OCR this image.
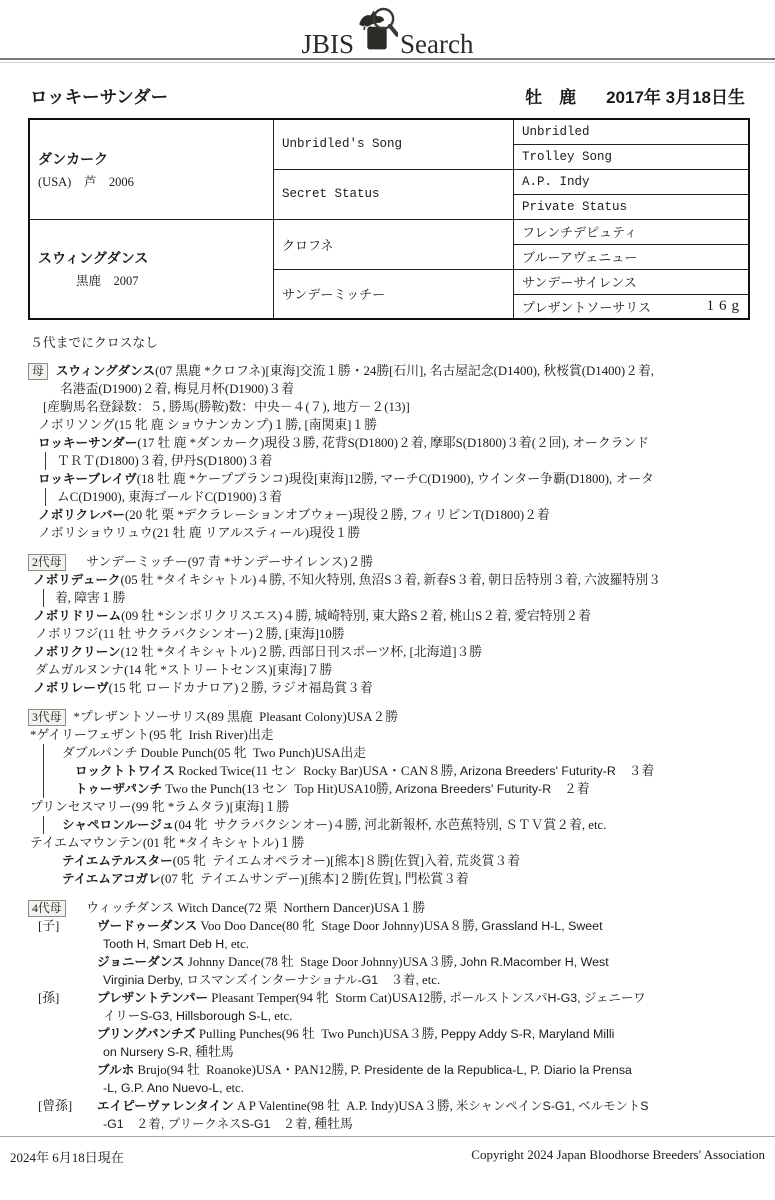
JBIS Search
ロッキーサンダー	牡　鹿 2017年 3月18日生
ダンカーク
(USA)　芦　2006	Unbridled's Song	Unbridled

		Trolley Song

	Secret Status	A.P. Indy

		Private Status

スウィングダンス
黒鹿　2007	クロフネ	フレンチデピュティ

		ブルーアヴェニュー

	サンデーミッチー	サンデーサイレンス

		プレザントソーサリス 16g
５代までにクロスなし
母 スウィングダンス(07 黒鹿 *クロフネ)[東海]交流１勝・24勝[石川], 名古屋記念(D1400), 秋桜賞(D1400)２着,
名港盃(D1900)２着, 梅見月杯(D1900)３着
[産駒馬名登録数：５, 勝馬(勝鞍)数：中央－４(７), 地方－２(13)]
ノボリソング(15 牝 鹿 ショウナンカンプ)１勝, [南関東]１勝
ロッキーサンダー(17 牡 鹿 *ダンカーク)現役３勝, 花背S(D1800)２着, 摩耶S(D1800)３着(２回), オークランド
ＴＲＴ(D1800)３着, 伊丹S(D1800)３着
ロッキーブレイヴ(18 牡 鹿 *ケープブランコ)現役[東海]12勝, マーチC(D1900), ウインター争覇(D1800), オータ
ムC(D1900), 東海ゴールドC(D1900)３着
ノボリクレバー(20 牝 栗 *デクラレーションオブウォー)現役２勝, フィリピンT(D1800)２着
ノボリショウリュウ(21 牡 鹿 リアルスティール)現役１勝
2代母　サンデーミッチー(97 青 *サンデーサイレンス)２勝
ノボリデューク(05 牡 *タイキシャトル)４勝, 不知火特別, 魚沼S３着, 新春S３着, 朝日岳特別３着, 六波羅特別３
着, 障害１勝
ノボリドリーム(09 牡 *シンボリクリスエス)４勝, 城崎特別, 東大路S２着, 桃山S２着, 愛宕特別２着
ノボリフジ(11 牡 サクラバクシンオー)２勝, [東海]10勝
ノボリクリーン(12 牡 *タイキシャトル)２勝, 西部日刊スポーツ杯, [北海道]３勝
ダムガルヌンナ(14 牝 *ストリートセンス)[東海]７勝
ノボリレーヴ(15 牝 ロードカナロア)２勝, ラジオ福島賞３着
3代母 *プレザントソーサリス(89 黒鹿  Pleasant Colony)USA２勝
*ゲイリーフェザント(95 牝  Irish River)出走
ダブルパンチ Double Punch(05 牝  Two Punch)USA出走
ロックトトワイス Rocked Twice(11 セン  Rocky Bar)USA・CAN８勝, Arizona Breeders' Futurity-R　３着
トゥーザパンチ Two the Punch(13 セン  Top Hit)USA10勝, Arizona Breeders' Futurity-R　２着
プリンセスマリー(99 牝 *ラムタラ)[東海]１勝
シャペロンルージュ(04 牝  サクラバクシンオー)４勝, 河北新報杯, 水芭蕉特別, ＳＴＶ賞２着, etc.
テイエムマウンテン(01 牝 *タイキシャトル)１勝
テイエムテルスター(05 牝  テイエムオペラオー)[熊本]８勝[佐賀]入着, 荒炎賞３着
テイエムアコガレ(07 牝  テイエムサンデー)[熊本]２勝[佐賀], 門松賞３着
4代母　ウィッチダンス Witch Dance(72 栗  Northern Dancer)USA１勝
[子]	ヴードゥーダンス Voo Doo Dance(80 牝  Stage Door Johnny)USA８勝, Grassland H-L, Sweet
Tooth H, Smart Deb H, etc.
ジョニーダンス Johnny Dance(78 牡  Stage Door Johnny)USA３勝, John R.Macomber H, West
Virginia Derby, ロスマンズインターナショナル-G1　３着, etc.
[孫]	プレザントテンパー Pleasant Temper(94 牝  Storm Cat)USA12勝, ポールストンスパH-G3, ジェニーワ
イリーS-G3, Hillsborough S-L, etc.
プリングパンチズ Pulling Punches(96 牡  Two Punch)USA３勝, Peppy Addy S-R, Maryland Milli
on Nursery S-R, 種牡馬
ブルホ Brujo(94 牡  Roanoke)USA・PAN12勝, P. Presidente de la Republica-L, P. Diario la Prensa
-L, G.P. Ano Nuevo-L, etc.
[曾孫] エイピーヴァレンタイン A P Valentine(98 牡  A.P. Indy)USA３勝, 米シャンペインS-G1, ベルモントS
-G1　２着, プリークネスS-G1　２着, 種牡馬
2024年 6月18日現在	Copyright 2024 Japan Bloodhorse Breeders' Association
